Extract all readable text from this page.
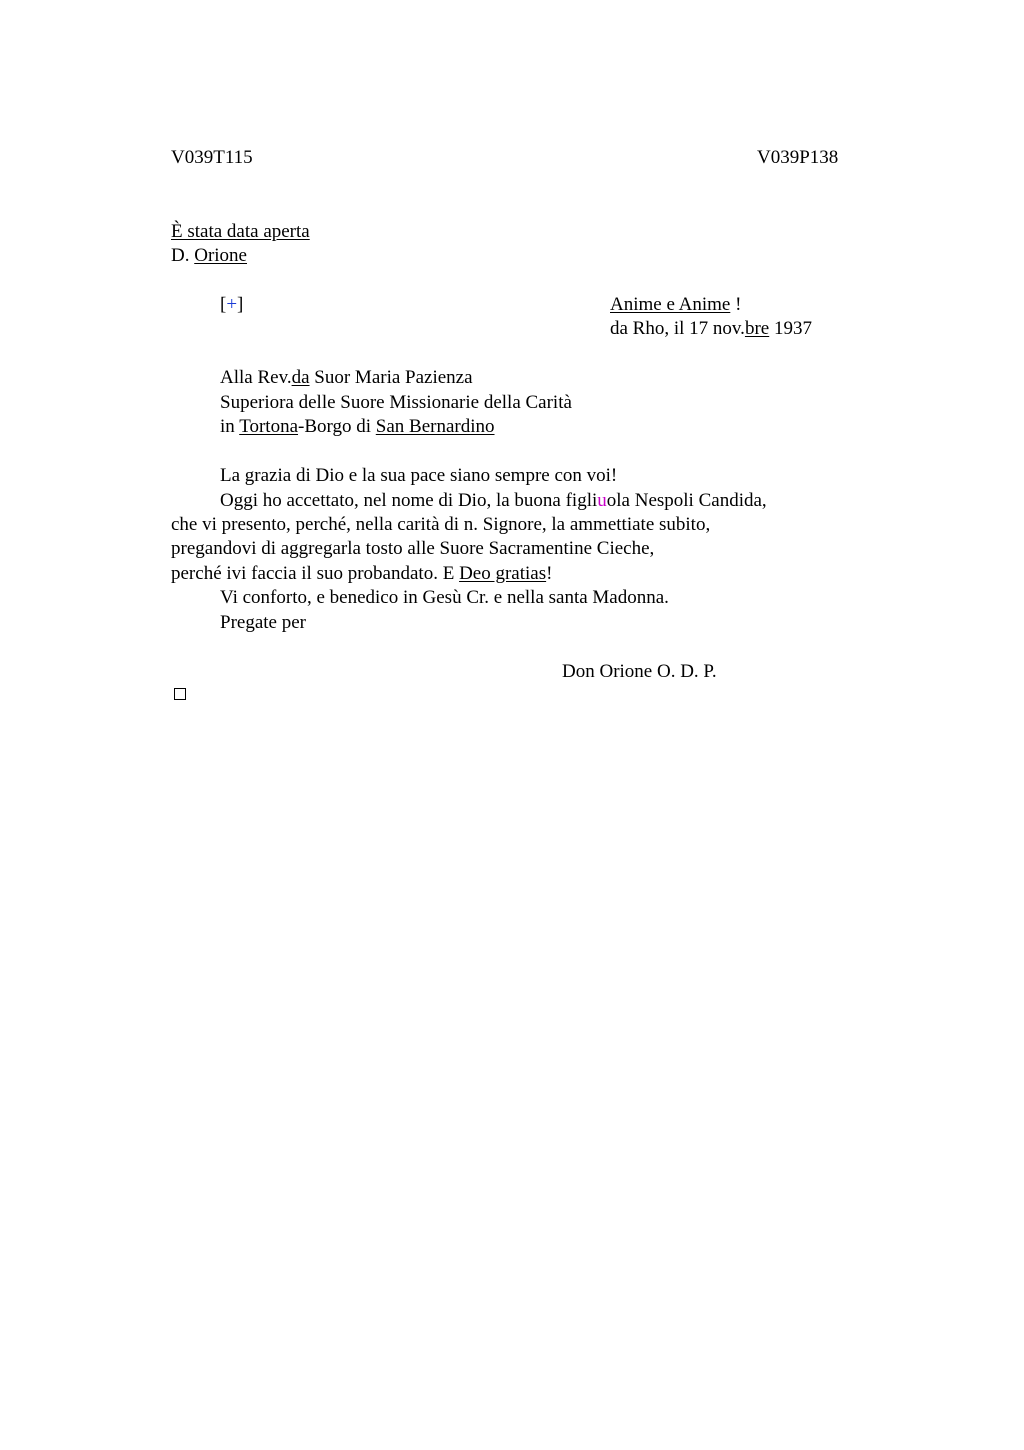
V039T115	V039P138
È stata data aperta
D. Orione
[+]	Anime e Anime !
da Rho, il 17 nov.bre 1937
Alla Rev.da Suor Maria Pazienza
Superiora delle Suore Missionarie della Carità
in Tortona-Borgo di San Bernardino
La grazia di Dio e la sua pace siano sempre con voi!
Oggi ho accettato, nel nome di Dio, la buona figliuola Nespoli Candida,
che vi presento, perché, nella carità di n. Signore, la ammettiate subito,
pregandovi di aggregarla tosto alle Suore Sacramentine Cieche,
perché ivi faccia il suo probandato. E Deo gratias!
Vi conforto, e benedico in Gesù Cr. e nella santa Madonna.
Pregate per
Don Orione O. D. P.
